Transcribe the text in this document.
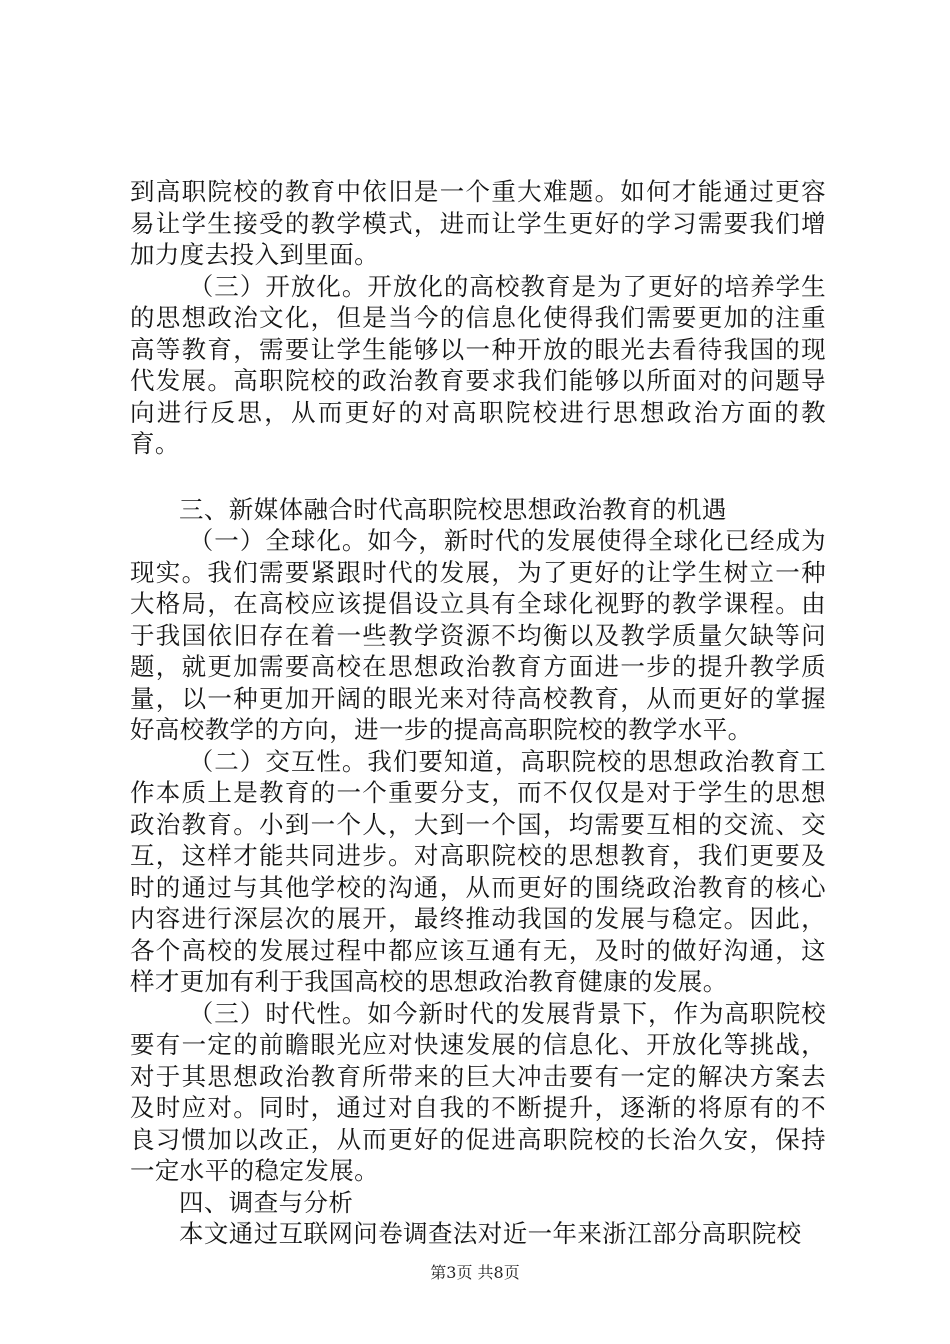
到高职院校的教育中依旧是一个重大难题。如何才能通过更容易让学生接受的教学模式，进而让学生更好的学习需要我们增加力度去投入到里面。

（三）开放化。开放化的高校教育是为了更好的培养学生的思想政治文化，但是当今的信息化使得我们需要更加的注重高等教育，需要让学生能够以一种开放的眼光去看待我国的现代发展。高职院校的政治教育要求我们能够以所面对的问题导向进行反思，从而更好的对高职院校进行思想政治方面的教育。

三、新媒体融合时代高职院校思想政治教育的机遇

（一）全球化。如今，新时代的发展使得全球化已经成为现实。我们需要紧跟时代的发展，为了更好的让学生树立一种大格局，在高校应该提倡设立具有全球化视野的教学课程。由于我国依旧存在着一些教学资源不均衡以及教学质量欠缺等问题，就更加需要高校在思想政治教育方面进一步的提升教学质量，以一种更加开阔的眼光来对待高校教育，从而更好的掌握好高校教学的方向，进一步的提高高职院校的教学水平。

（二）交互性。我们要知道，高职院校的思想政治教育工作本质上是教育的一个重要分支，而不仅仅是对于学生的思想政治教育。小到一个人，大到一个国，均需要互相的交流、交互，这样才能共同进步。对高职院校的思想教育，我们更要及时的通过与其他学校的沟通，从而更好的围绕政治教育的核心内容进行深层次的展开，最终推动我国的发展与稳定。因此，各个高校的发展过程中都应该互通有无，及时的做好沟通，这样才更加有利于我国高校的思想政治教育健康的发展。

（三）时代性。如今新时代的发展背景下，作为高职院校要有一定的前瞻眼光应对快速发展的信息化、开放化等挑战，对于其思想政治教育所带来的巨大冲击要有一定的解决方案去及时应对。同时，通过对自我的不断提升，逐渐的将原有的不良习惯加以改正，从而更好的促进高职院校的长治久安，保持一定水平的稳定发展。

四、调查与分析

本文通过互联网问卷调查法对近一年来浙江部分高职院校

第3页 共8页
